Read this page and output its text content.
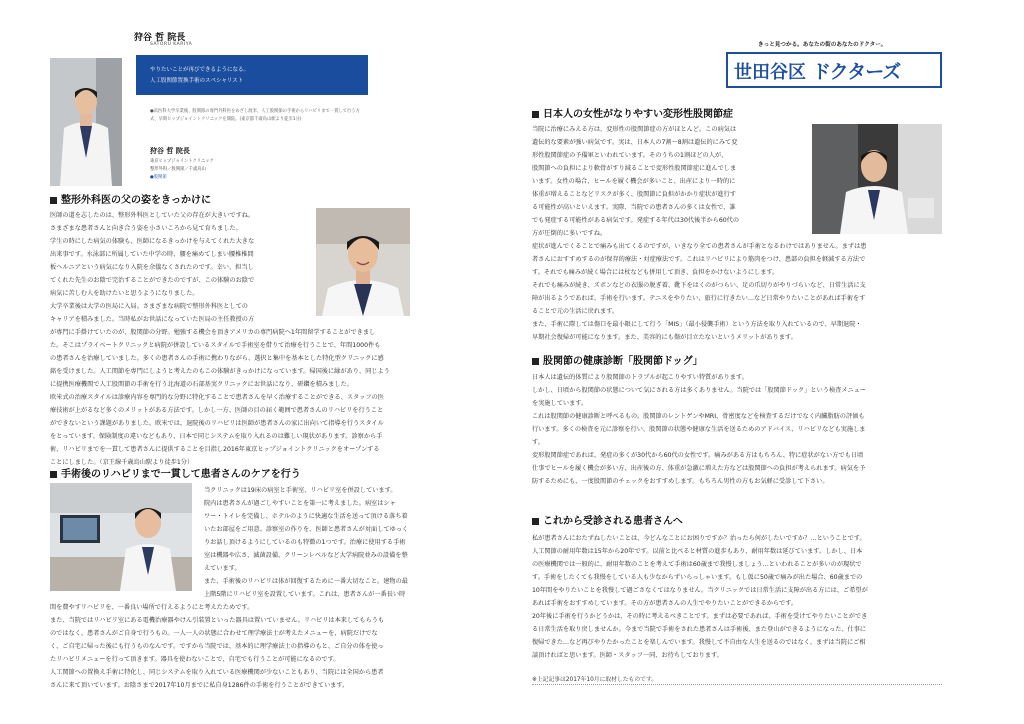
狩谷 哲 院長
SATORU KARIYA
やりたいことが再びできるようになる。
人工股関節置換手術のスペシャリスト
●浜医科大学卒業後、股関節の専門外科医をめざし渡米、人工股関節の手術からリハビリまで一貫して行う方式、早期ヒップジョイントクリニックを開院。(東京都千歳烏山駅より徒歩1分)
狩谷 哲 院長
東京ヒップジョイントクリニック
整形外科／股関節／千歳烏山
●股関節
きっと見つかる。あなたの街のあなたのドクター。
世田谷区 ドクターズ
整形外科医の父の姿をきっかけに
医師の道を志したのは、整形外科医としていた父の存在が大きいですね。
さまざまな患者さんと向き合う姿を小さいころから見て育ちました。
学生の時にした病気の体験も、医師になるきっかけを与えてくれた大きな
出来事です。水泳部に所属していた中学の時、腰を痛めてしまい腰椎椎間
板ヘルニアという病気になり入院を余儀なくされたのです。幸い、担当し
てくれた先生のお陰で完治することができたのですが、この体験のお陰で
病気に苦しむ人を助けたいと思うようになりました。
大学卒業後は大学の医局に入局。さまざまな病院で整形外科医としての
キャリアを積みました。当時私がお世話になっていた医局の主任教授の方
が専門に手掛けていたのが、股関節の分野。勉強する機会を頂きアメリカの専門病院へ1年間留学することができまし
た。そこはプライベートクリニックと病院が併設しているスタイルで手術室を借りて治療を行うことで、年間1000件も
の患者さんを治療していました。多くの患者さんの手術に携わりながら、選択と集中を基本とした特化型クリニックに感
銘を受けました。人工関節を専門にしようと考えたのもこの体験がきっかけになっています。帰国後に縁があり、同じよう
に提携医療機関で人工股関節の手術を行う北海道の石部基実クリニックにお世話になり、研鑽を積みました。
欧米式の治療スタイルは診療内容を専門的な分野に特化することで患者さんを早く治療することができる、スタッフの医
療技術が上がるなど多くのメリットがある方法です。しかし一方、医師の目の届く範囲で患者さんのリハビリを行うこと
ができないという課題がありました。欧米では、退院後のリハビリは医師が患者さんの家に出向いて指導を行うスタイル
をとっています。保険制度の違いなどもあり、日本で同じシステムを取り入れるのは難しい現状があります。診察から手
術、リハビリまでを一貫して患者さんに提供することを目指し2016年東京ヒップジョイントクリニックをオープンする
ことにしました。（京王線千歳烏山駅より徒歩1分）
手術後のリハビリまで一貫して患者さんのケアを行う
当クリニックは19床の病室と手術室、リハビリ室を併設しています。
院内は患者さんが過ごしやすいことを第一に考えました。病室はシャ
ワー・トイレを完備し、ホテルのように快適な生活を送って頂ける落ち着
いたお部屋をご用意。診察室の作りを、医師と患者さんが対面してゆっく
りお話し頂けるようにしているのも特徴の1つです。治療に使用する手術
室は機器や広さ、滅菌設備、クリーンレベルなど大学病院並みの設備を整
えています。
また、手術後のリハビリは体が回復するために一番大切なこと。建物の最
上階5階にリハビリ室を設置しています。これは、患者さんが一番長い時
間を費やすリハビリを、一番良い場所で行えるようにと考えたためです。
また、当院ではリハビリ室にある電機治療器やけん引装置といった器具は置いていません。リハビリは本来してもらうも
のではなく、患者さんがご自身で行うもの。一人一人の状態に合わせて理学療法士が考えたメニューを、病院だけでな
く、ご自宅に帰った後にも行うものなんです。ですから当院では、基本的に理学療法士の指導のもと、ご自分の体を使っ
たリハビリメニューを行って頂きます。器具を使わないことで、自宅でも行うことが可能になるのです。
人工関節への置換え手術に特化し、同じシステムを取り入れている医療機関が少ないこともあり、当院には全国から患者
さんに来て頂いています。お陰さまで2017年10月までに私自身1286件の手術を行うことができています。
日本人の女性がなりやすい変形性股関節症
当院に治療にみえる方は、変形性の股関節症の方がほとんど。この病気は
遺伝的な要素が強い病気です。実は、日本人の7割～8割は遺伝的にみて変
形性股関節症の予備軍といわれています。そのうちの1割ほどの人が、
股関節への負担により軟骨がすり減ることで変形性股関節症に進んでしま
います。女性の場合、ヒールを履く機会が多いこと、出産により一時的に
体重が増えることなどリスクが多く、股関節に負担がかかり症状が進行す
る可能性が高いといえます。実際、当院での患者さんの多くは女性で、誰
でも発症する可能性がある病気です。発症する年代は30代後半から60代の
方が圧倒的に多いですね。
症状が進んでくることで痛みも出てくるのですが、いきなり全ての患者さんが手術となるわけではありません。まずは患
者さんにおすすめするのが保存的療法・対症療法です。これはリハビリにより筋肉をつけ、患部の負担を軽減する方法で
す。それでも痛みが続く場合には杖なども併用して頂き、負担をかけないようにします。
それでも痛みが続き、ズボンなどの衣服の脱ぎ着、靴下をはくのがつらい、足の爪切りがやりづらいなど、日常生活に支
障が出るようであれば、手術を行います。テニスをやりたい、旅行に行きたい…など日常やりたいことがあれば手術をす
ることで元の生活に戻れます。
また、手術に際しては傷口を最小限にして行う「MIS」（最小侵襲手術）という方法を取り入れているので、早期退院・
早期社会復帰が可能になります。また、美容的にも傷が目立たないというメリットがあります。
股関節の健康診断「股関節ドッグ」
日本人は遺伝的体質により股関節のトラブルが起こりやすい特質があります。
しかし、日頃から股関節の状態について気にされる方は多くありません。当院では「股関節ドック」という検査メニュー
を実施しています。
これは股関節の健康診断と呼べるもの。股関節のレントゲンやMRI、骨密度などを検査するだけでなく内臓脂肪の評価も
行います。多くの検査を元に診察を行い、股関節の状態や健康な生活を送るためのアドバイス、リハビリなども実施しま
す。
変形股関節症であれば、発症の多くが30代から60代の女性です。痛みがある方はもちろん、特に症状がない方でも日頃
仕事でヒールを履く機会が多い方、出産後の方、体重が急激に増えた方などは股関節への負担が考えられます。病気を予
防するためにも、一度股関節のチェックをおすすめします。もちろん男性の方もお気軽に受診して下さい。
これから受診される患者さんへ
私が患者さんにおたずねしたいことは、今どんなことにお困りですか？治ったら何がしたいですか？…ということです。
人工関節の耐用年数は15年から20年です。以前と比べると材質の進歩もあり、耐用年数は延びています。しかし、日本
の医療機関では一般的に、耐用年数のことを考えて手術は60歳まで我慢しましょう…といわれることが多いのが現状で
す。手術をしたくても我慢をしている人も少なからずいらっしゃいます。もし仮に50歳で痛みが出た場合、60歳までの
10年間をやりたいことを我慢して過ごさなくてはなりません。当クリニックでは日常生活に支障が出る方には、ご希望が
あれば手術をおすすめしています。その方が患者さんの人生でやりたいことができるからです。
20年後に手術を行うかどうかは、その時に考えるべきことです。まずは必要であれば、手術を受けてやりたいことができ
る日常生活を取り戻しませんか。今まで当院で手術をされた患者さんは手術後、また登山ができるようになった、仕事に
復帰できた…など再びやりたかったことを楽しんでいます。我慢して不自由な人生を送るのではなく、まずは当院にご相
談頂ければと思います。医師・スタッフ一同、お待ちしております。
※上記記事は2017年10月に取材したものです。
